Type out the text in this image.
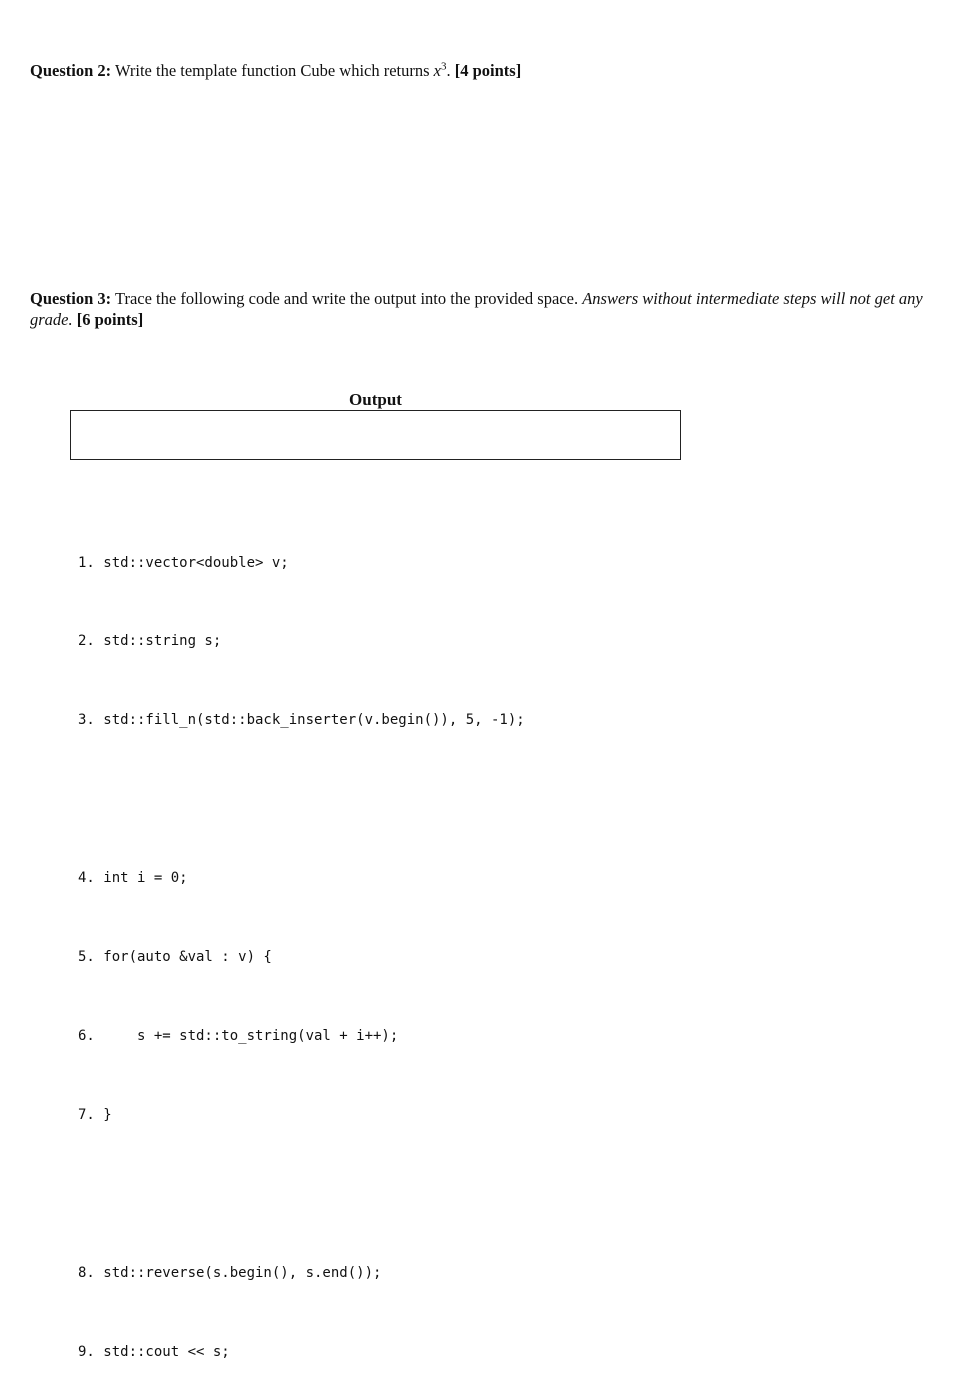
Question 2: Write the template function Cube which returns $x^3$. [4 points]
Question 3: Trace the following code and write the output into the provided space. Answers without intermediate steps will not get any grade. [6 points]
Output

1. std::vector<double> v;

2. std::string s;

3. std::fill_n(std::back_inserter(v.begin()), 5, -1);

4. int i = 0;

5. for(auto &val : v) {

6.     s += std::to_string(val + i++);

7. }

8. std::reverse(s.begin(), s.end());

9. std::cout << s;
